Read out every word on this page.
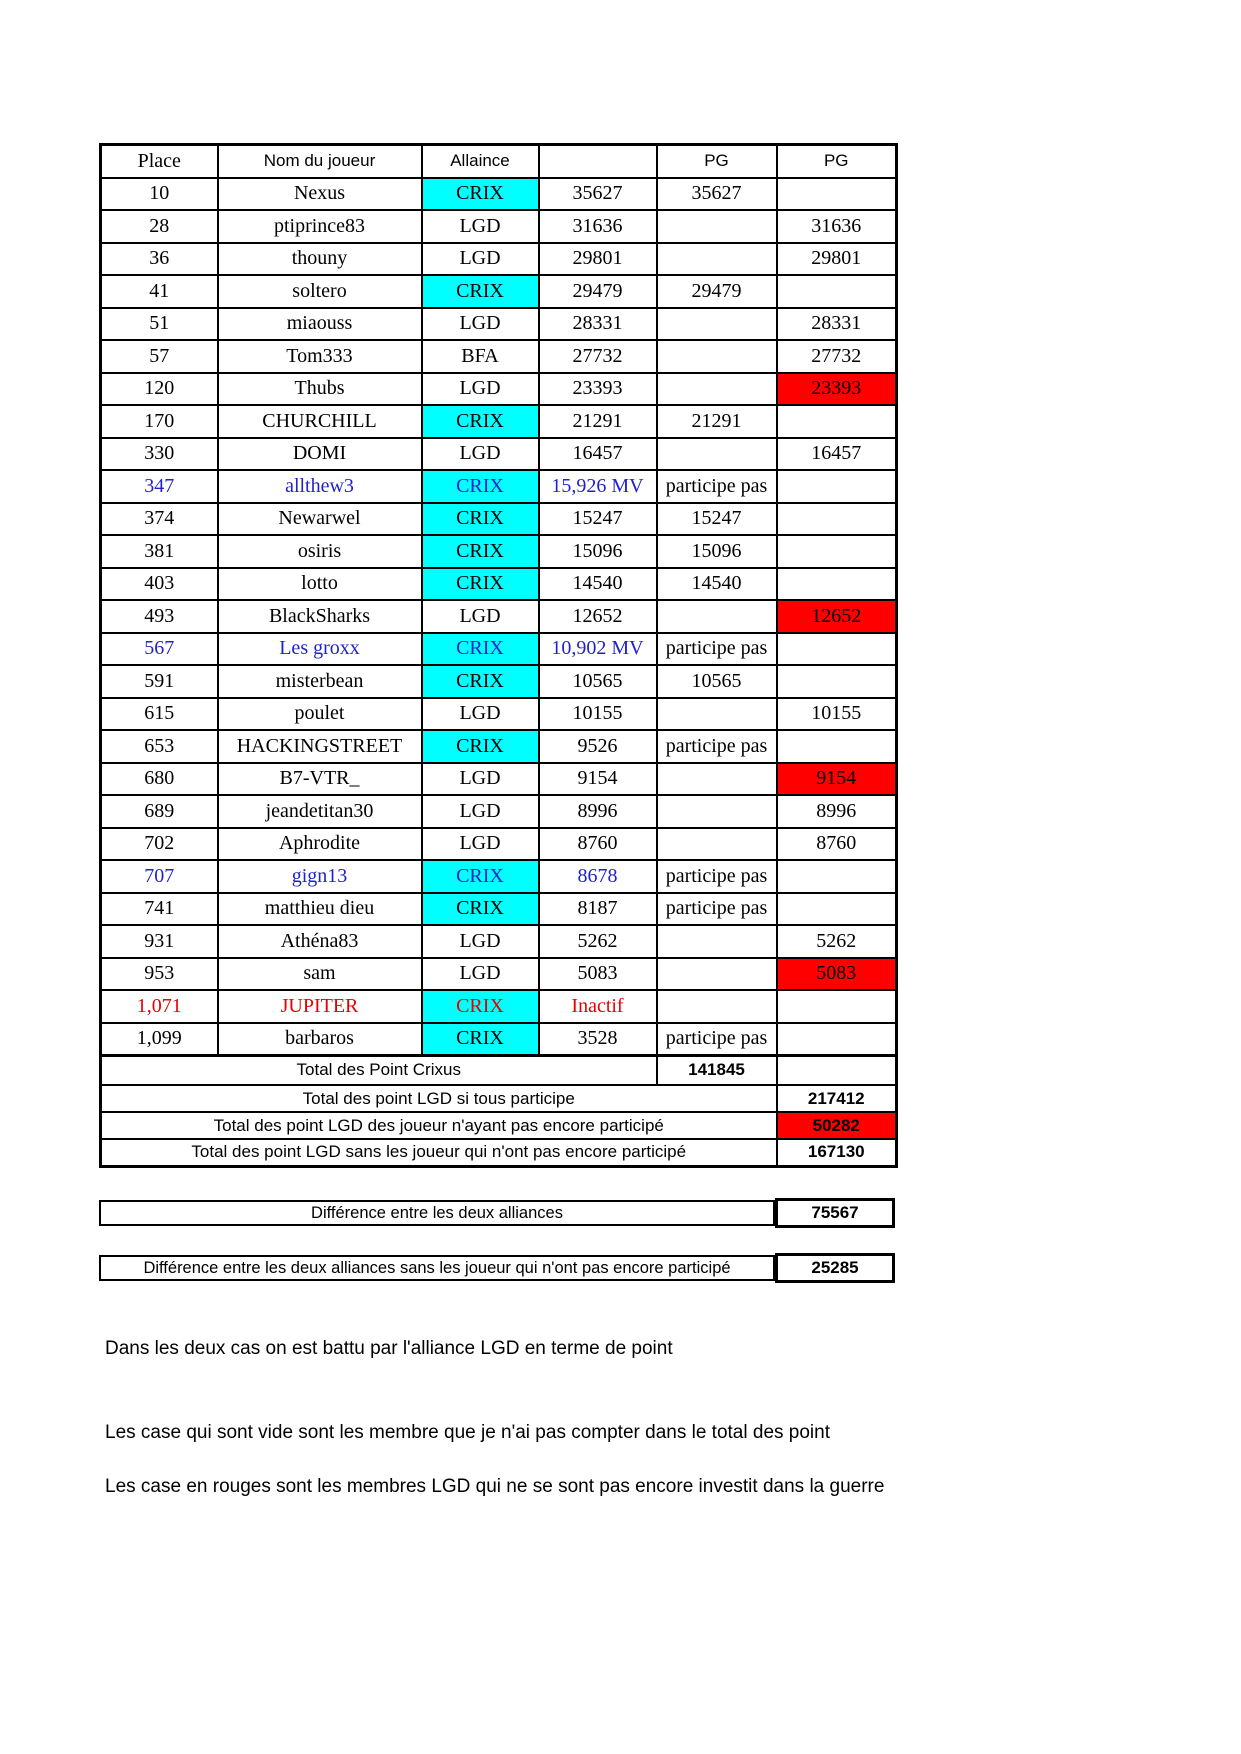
Place	Nom du joueur	Allaince		PG	PG
10	Nexus	CRIX	35627	35627	
28	ptiprince83	LGD	31636		31636
36	thouny	LGD	29801		29801
41	soltero	CRIX	29479	29479	
51	miaouss	LGD	28331		28331
57	Tom333	BFA	27732		27732
120	Thubs	LGD	23393		23393
170	CHURCHILL	CRIX	21291	21291	
330	DOMI	LGD	16457		16457
347	allthew3	CRIX	15,926 MV	participe pas	
374	Newarwel	CRIX	15247	15247	
381	osiris	CRIX	15096	15096	
403	lotto	CRIX	14540	14540	
493	BlackSharks	LGD	12652		12652
567	Les groxx	CRIX	10,902 MV	participe pas	
591	misterbean	CRIX	10565	10565	
615	poulet	LGD	10155		10155
653	HACKINGSTREET	CRIX	9526	participe pas	
680	B7-VTR_	LGD	9154		9154
689	jeandetitan30	LGD	8996		8996
702	Aphrodite	LGD	8760		8760
707	gign13	CRIX	8678	participe pas	
741	matthieu dieu	CRIX	8187	participe pas	
931	Athéna83	LGD	5262		5262
953	sam	LGD	5083		5083
1,071	JUPITER	CRIX	Inactif		
1,099	barbaros	CRIX	3528	participe pas	
Total des Point Crixus				141845	
Total des point LGD si tous participe					217412
Total des point LGD des joueur n'ayant pas encore participé					50282
Total des point LGD sans les joueur qui n'ont pas encore participé					167130
Différence entre les deux alliances	75567
Différence entre les deux alliances sans les joueur qui n'ont pas encore participé	25285
Dans les deux cas on est battu par l'alliance LGD en terme de point
Les case qui sont vide sont les membre que je n'ai pas compter dans le total des point
Les case en rouges sont les membres LGD qui ne se sont pas encore investit dans la guerre
